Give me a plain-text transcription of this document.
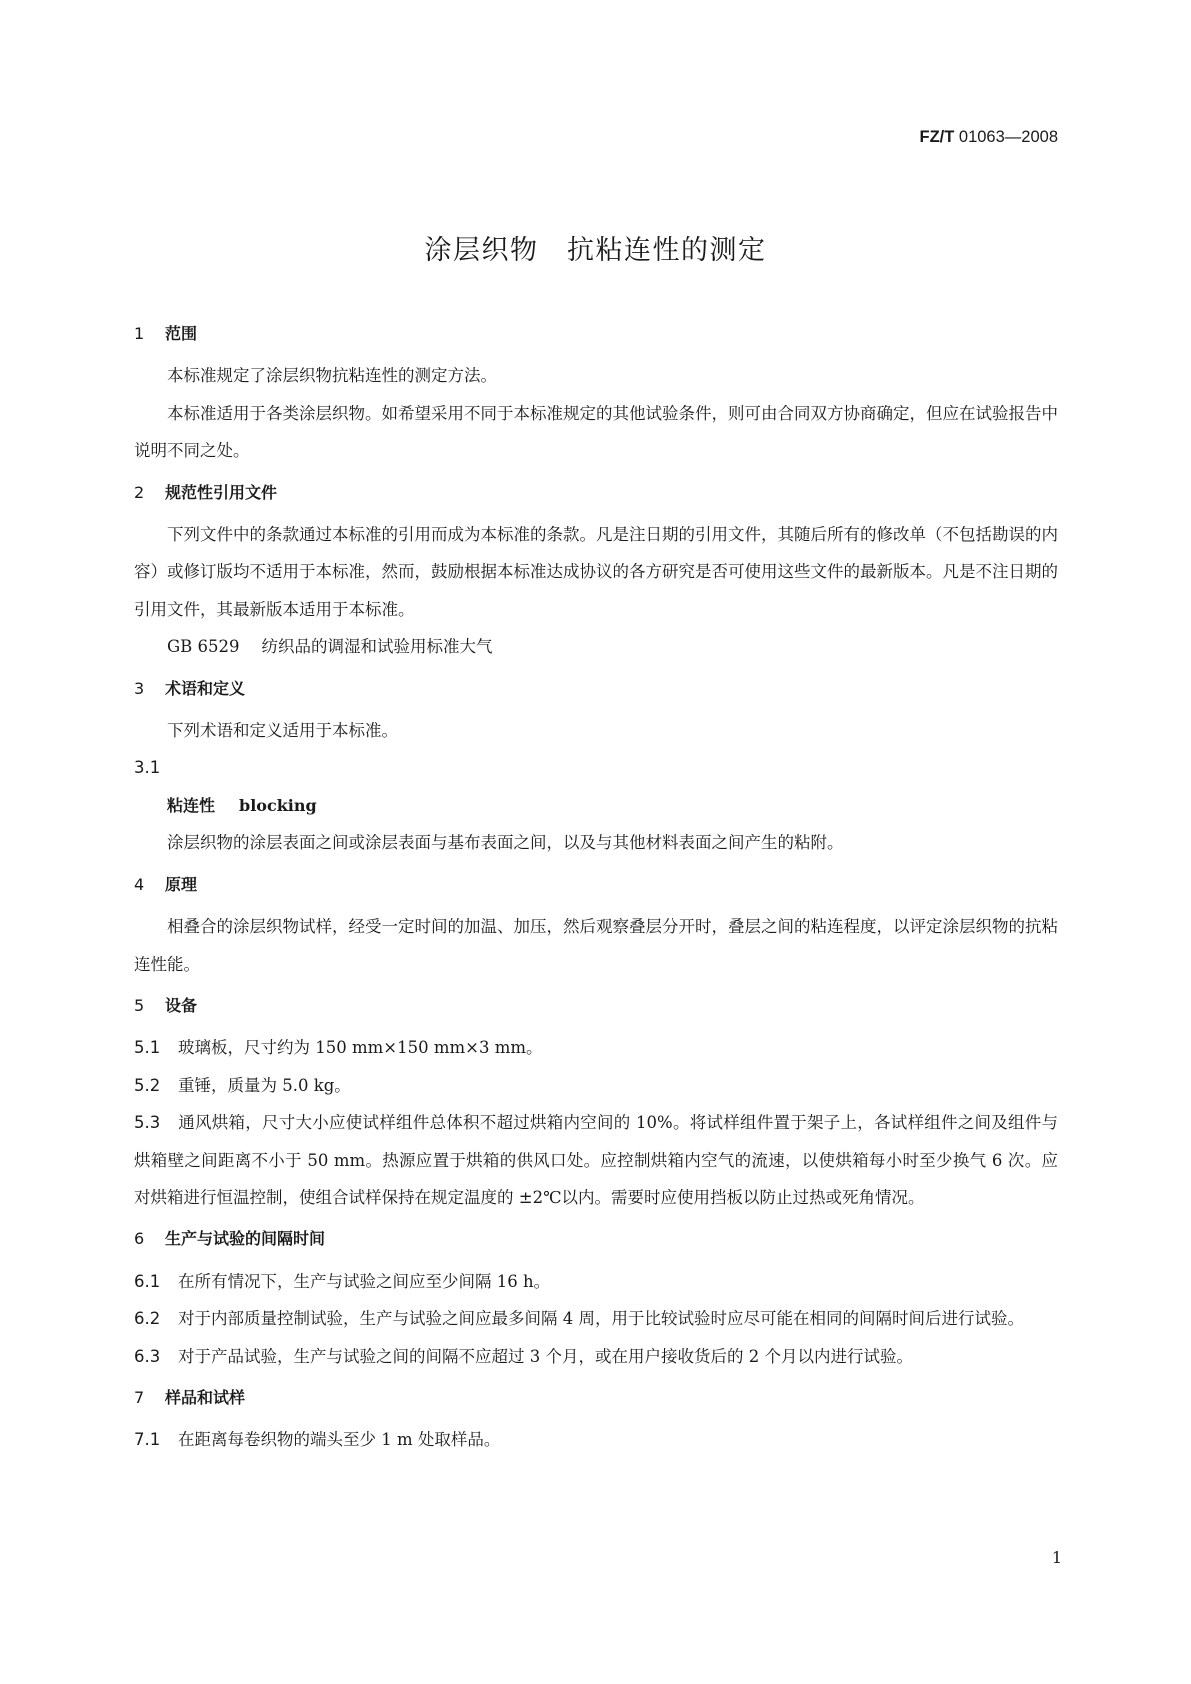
FZ/T 01063—2008
涂层织物　抗粘连性的测定
1 范围
本标准规定了涂层织物抗粘连性的测定方法。
本标准适用于各类涂层织物。如希望采用不同于本标准规定的其他试验条件，则可由合同双方协商确定，但应在试验报告中说明不同之处。
2 规范性引用文件
下列文件中的条款通过本标准的引用而成为本标准的条款。凡是注日期的引用文件，其随后所有的修改单（不包括勘误的内容）或修订版均不适用于本标准，然而，鼓励根据本标准达成协议的各方研究是否可使用这些文件的最新版本。凡是不注日期的引用文件，其最新版本适用于本标准。
GB 6529 纺织品的调湿和试验用标准大气
3 术语和定义
下列术语和定义适用于本标准。
3.1
粘连性 blocking
涂层织物的涂层表面之间或涂层表面与基布表面之间，以及与其他材料表面之间产生的粘附。
4 原理
相叠合的涂层织物试样，经受一定时间的加温、加压，然后观察叠层分开时，叠层之间的粘连程度，以评定涂层织物的抗粘连性能。
5 设备
5.1 玻璃板，尺寸约为 150 mm×150 mm×3 mm。
5.2 重锤，质量为 5.0 kg。
5.3 通风烘箱，尺寸大小应使试样组件总体积不超过烘箱内空间的 10%。将试样组件置于架子上，各试样组件之间及组件与烘箱壁之间距离不小于 50 mm。热源应置于烘箱的供风口处。应控制烘箱内空气的流速，以使烘箱每小时至少换气 6 次。应对烘箱进行恒温控制，使组合试样保持在规定温度的 ±2℃以内。需要时应使用挡板以防止过热或死角情况。
6 生产与试验的间隔时间
6.1 在所有情况下，生产与试验之间应至少间隔 16 h。
6.2 对于内部质量控制试验，生产与试验之间应最多间隔 4 周，用于比较试验时应尽可能在相同的间隔时间后进行试验。
6.3 对于产品试验，生产与试验之间的间隔不应超过 3 个月，或在用户接收货后的 2 个月以内进行试验。
7 样品和试样
7.1 在距离每卷织物的端头至少 1 m 处取样品。
1
